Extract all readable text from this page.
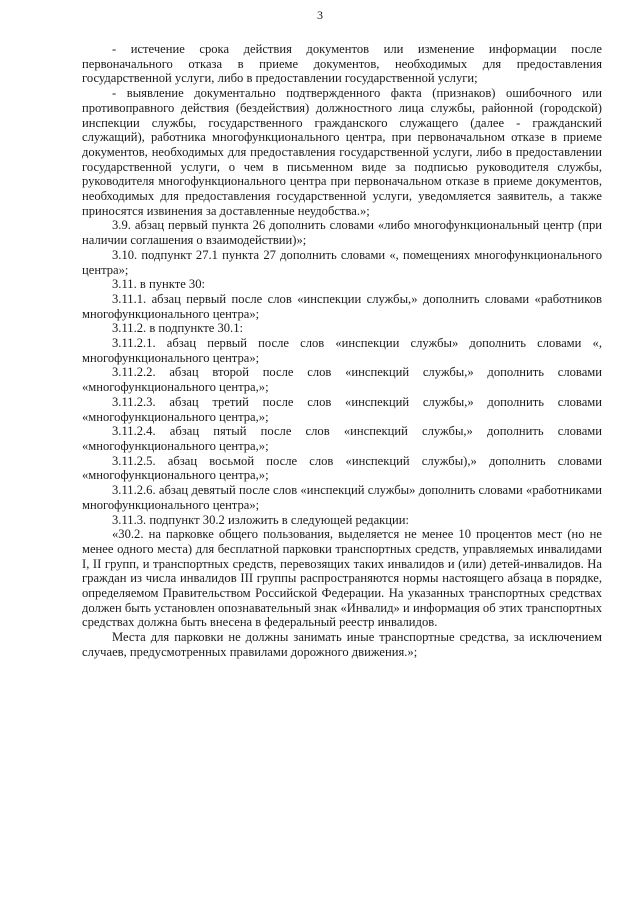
3

- истечение срока действия документов или изменение информации после первоначального отказа в приеме документов, необходимых для предоставления государственной услуги, либо в предоставлении государственной услуги;

- выявление документально подтвержденного факта (признаков) ошибочного или противоправного действия (бездействия) должностного лица службы, районной (городской) инспекции службы, государственного гражданского служащего (далее - гражданский служащий), работника многофункционального центра, при первоначальном отказе в приеме документов, необходимых для предоставления государственной услуги, либо в предоставлении государственной услуги, о чем в письменном виде за подписью руководителя службы, руководителя многофункционального центра при первоначальном отказе в приеме документов, необходимых для предоставления государственной услуги, уведомляется заявитель, а также приносятся извинения за доставленные неудобства.»;

3.9. абзац первый пункта 26 дополнить словами «либо многофункциональный центр (при наличии соглашения о взаимодействии)»;

3.10. подпункт 27.1 пункта 27 дополнить словами «, помещениях многофункционального центра»;

3.11. в пункте 30:

3.11.1. абзац первый после слов «инспекции службы,» дополнить словами «работников многофункционального центра»;

3.11.2. в подпункте 30.1:

3.11.2.1. абзац первый после слов «инспекции службы» дополнить словами «, многофункционального центра»;

3.11.2.2. абзац второй после слов «инспекций службы,» дополнить словами «многофункционального центра,»;

3.11.2.3. абзац третий после слов «инспекций службы,» дополнить словами «многофункционального центра,»;

3.11.2.4. абзац пятый после слов «инспекций службы,» дополнить словами «многофункционального центра,»;

3.11.2.5. абзац восьмой после слов «инспекций службы),» дополнить словами «многофункционального центра,»;

3.11.2.6. абзац девятый после слов «инспекций службы» дополнить словами «работниками многофункционального центра»;

3.11.3. подпункт 30.2 изложить в следующей редакции:

«30.2. на парковке общего пользования, выделяется не менее 10 процентов мест (но не менее одного места) для бесплатной парковки транспортных средств, управляемых инвалидами I, II групп, и транспортных средств, перевозящих таких инвалидов и (или) детей-инвалидов. На граждан из числа инвалидов III группы распространяются нормы настоящего абзаца в порядке, определяемом Правительством Российской Федерации. На указанных транспортных средствах должен быть установлен опознавательный знак «Инвалид» и информация об этих транспортных средствах должна быть внесена в федеральный реестр инвалидов.

Места для парковки не должны занимать иные транспортные средства, за исключением случаев, предусмотренных правилами дорожного движения.»;
